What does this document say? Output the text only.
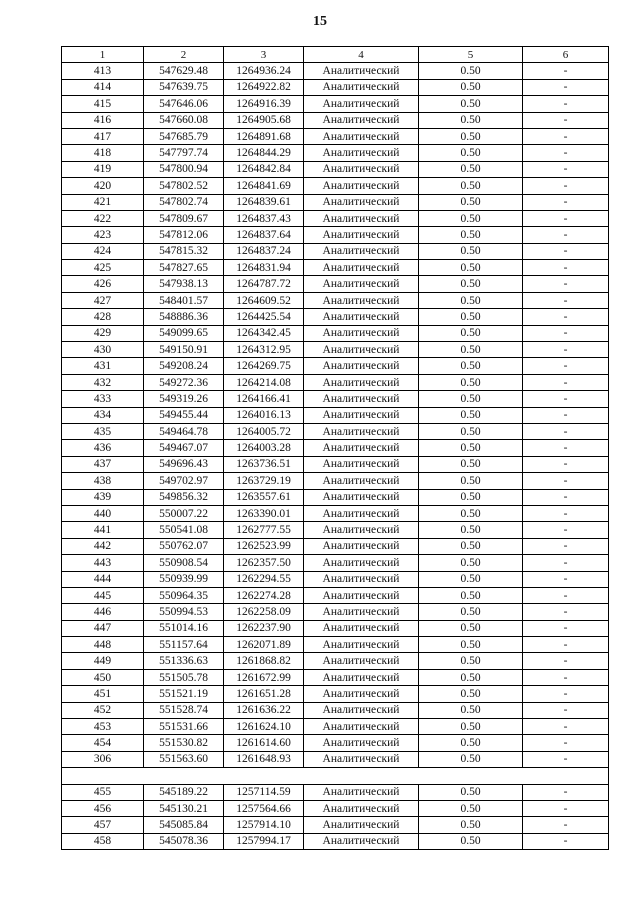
15
1	2	3	4	5	6
413	547629.48	1264936.24	Аналитический	0.50	-
414	547639.75	1264922.82	Аналитический	0.50	-
415	547646.06	1264916.39	Аналитический	0.50	-
416	547660.08	1264905.68	Аналитический	0.50	-
417	547685.79	1264891.68	Аналитический	0.50	-
418	547797.74	1264844.29	Аналитический	0.50	-
419	547800.94	1264842.84	Аналитический	0.50	-
420	547802.52	1264841.69	Аналитический	0.50	-
421	547802.74	1264839.61	Аналитический	0.50	-
422	547809.67	1264837.43	Аналитический	0.50	-
423	547812.06	1264837.64	Аналитический	0.50	-
424	547815.32	1264837.24	Аналитический	0.50	-
425	547827.65	1264831.94	Аналитический	0.50	-
426	547938.13	1264787.72	Аналитический	0.50	-
427	548401.57	1264609.52	Аналитический	0.50	-
428	548886.36	1264425.54	Аналитический	0.50	-
429	549099.65	1264342.45	Аналитический	0.50	-
430	549150.91	1264312.95	Аналитический	0.50	-
431	549208.24	1264269.75	Аналитический	0.50	-
432	549272.36	1264214.08	Аналитический	0.50	-
433	549319.26	1264166.41	Аналитический	0.50	-
434	549455.44	1264016.13	Аналитический	0.50	-
435	549464.78	1264005.72	Аналитический	0.50	-
436	549467.07	1264003.28	Аналитический	0.50	-
437	549696.43	1263736.51	Аналитический	0.50	-
438	549702.97	1263729.19	Аналитический	0.50	-
439	549856.32	1263557.61	Аналитический	0.50	-
440	550007.22	1263390.01	Аналитический	0.50	-
441	550541.08	1262777.55	Аналитический	0.50	-
442	550762.07	1262523.99	Аналитический	0.50	-
443	550908.54	1262357.50	Аналитический	0.50	-
444	550939.99	1262294.55	Аналитический	0.50	-
445	550964.35	1262274.28	Аналитический	0.50	-
446	550994.53	1262258.09	Аналитический	0.50	-
447	551014.16	1262237.90	Аналитический	0.50	-
448	551157.64	1262071.89	Аналитический	0.50	-
449	551336.63	1261868.82	Аналитический	0.50	-
450	551505.78	1261672.99	Аналитический	0.50	-
451	551521.19	1261651.28	Аналитический	0.50	-
452	551528.74	1261636.22	Аналитический	0.50	-
453	551531.66	1261624.10	Аналитический	0.50	-
454	551530.82	1261614.60	Аналитический	0.50	-
306	551563.60	1261648.93	Аналитический	0.50	-

455	545189.22	1257114.59	Аналитический	0.50	-
456	545130.21	1257564.66	Аналитический	0.50	-
457	545085.84	1257914.10	Аналитический	0.50	-
458	545078.36	1257994.17	Аналитический	0.50	-
